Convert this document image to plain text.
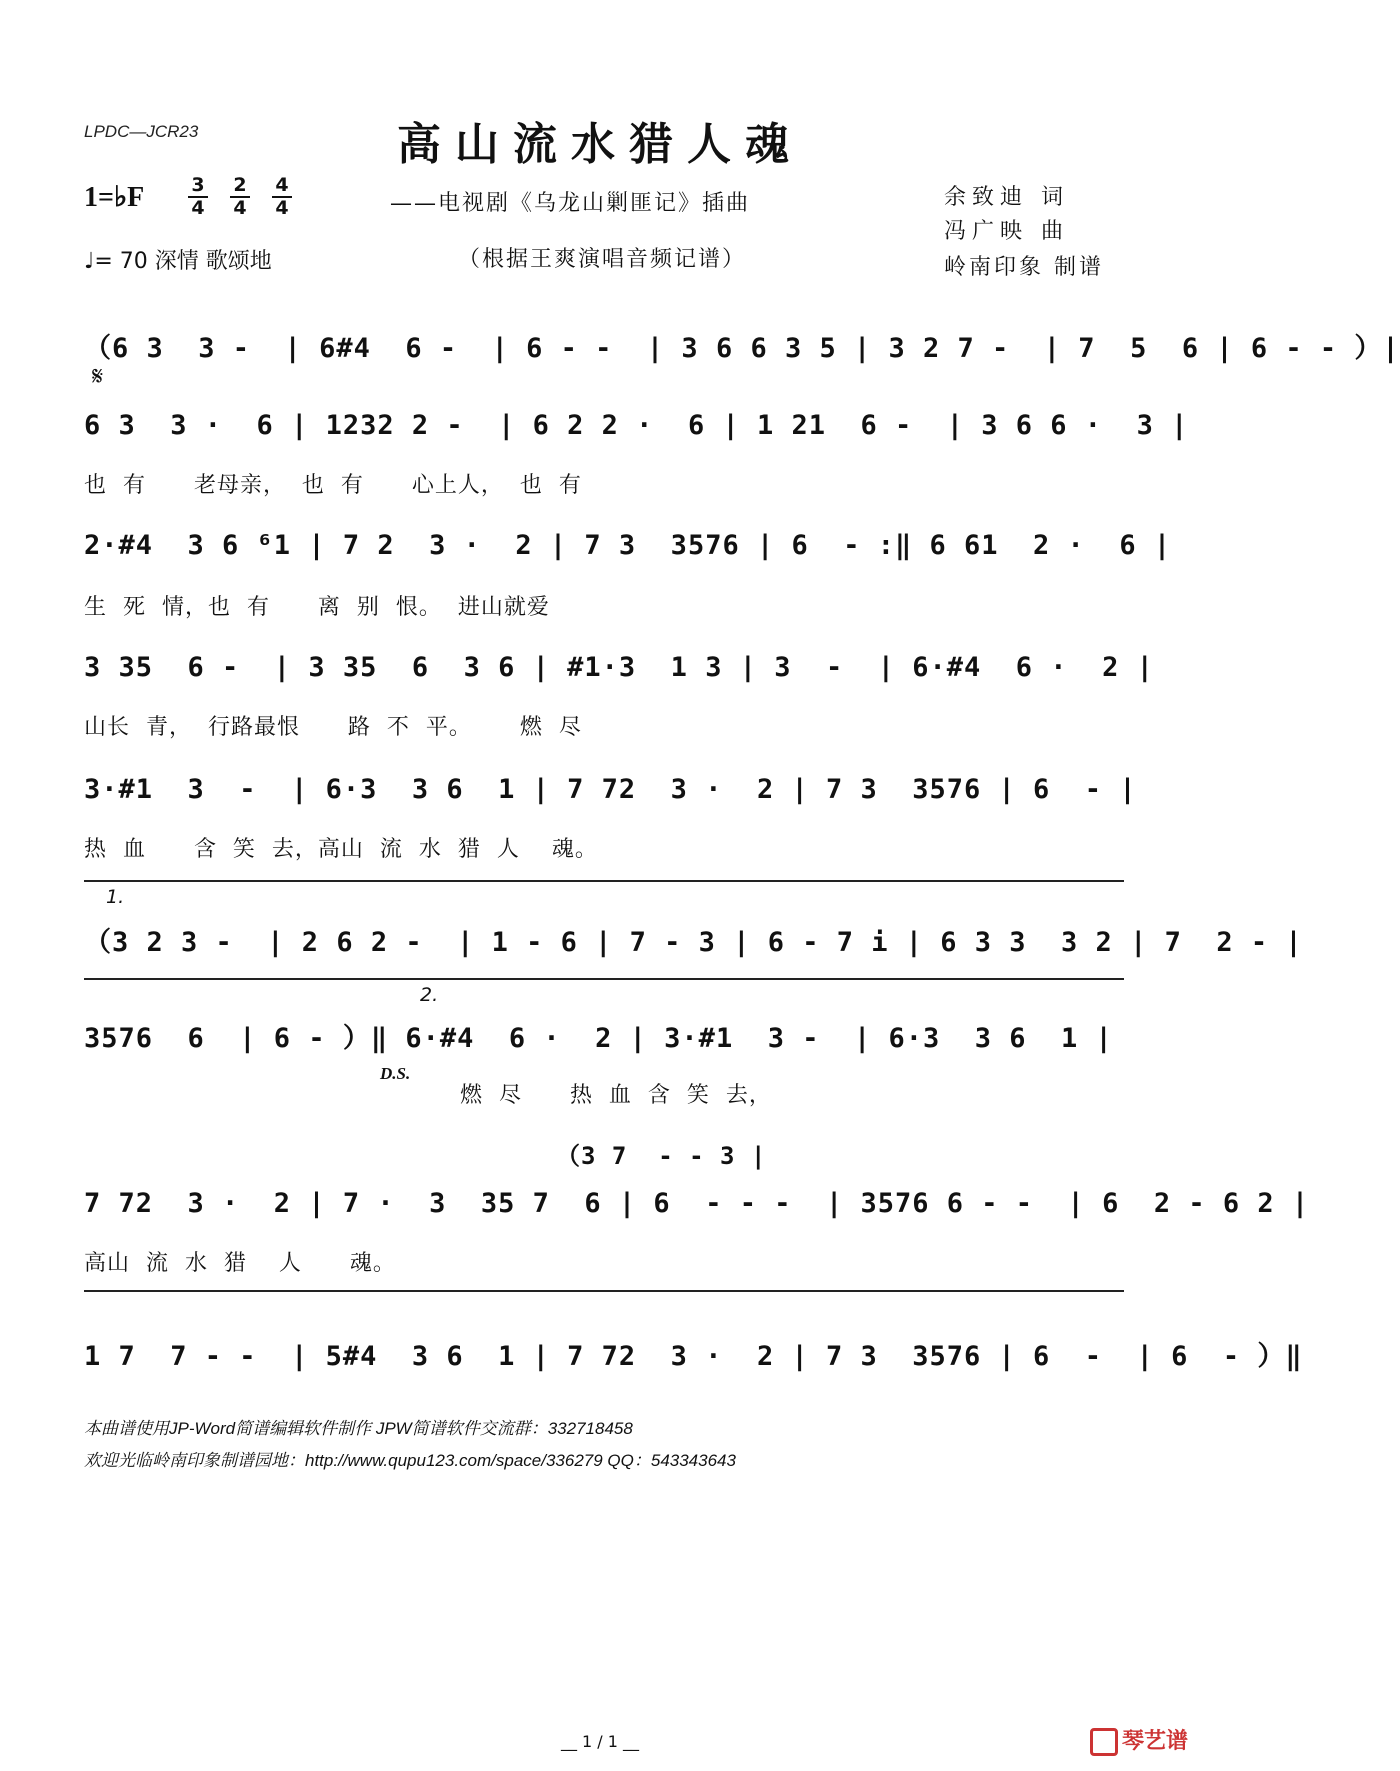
LPDC—JCR23	高山流水猎人魂
1=♭F 3
4
2
4
4
4
♩= 70 深情 歌颂地
——电视剧《乌龙山剿匪记》插曲
（根据王爽演唱音频记谱）
余致迪 词
冯广映 曲
岭南印象 制谱
（6 3  3 -  | 6#4  6 -  | 6 - -  | 3 6 6 3 5 | 3 2 7 -  | 7  5  6 | 6 - - ）|
𝄋
6 3  3 ·  6 | 1232 2 -  | 6 2 2 ·  6 | 1 21  6 -  | 3 6 6 ·  3 |
也  有      老母亲，  也  有      心上人，  也  有
2·#4  3 6 ⁶1 | 7 2  3 ·  2 | 7 3  3576 | 6  - :‖ 6 61  2 ·  6 |
生  死  情，也  有      离  别  恨。  进山就爱
3 35  6 -  | 3 35  6  3 6 | #1·3  1 3 | 3  -  | 6·#4  6 ·  2 |
山长  青，  行路最恨      路  不  平。      燃  尽
3·#1  3  -  | 6·3  3 6  1 | 7 72  3 ·  2 | 7 3  3576 | 6  - |
热  血      含  笑  去，高山  流  水  猎  人    魂。
1.
（3 2 3 -  | 2 6 2 -  | 1 - 6 | 7 - 3 | 6 - 7 i | 6 3 3  3 2 | 7  2 - |
2.
3576  6  | 6 - ）‖ 6·#4  6 ·  2 | 3·#1  3 -  | 6·3  3 6  1 |
D.S.
燃  尽      热  血  含  笑  去，
（3 7  - - 3 |
7 72  3 ·  2 | 7 ·  3  35 7  6 | 6  - - -  | 3576 6 - -  | 6  2 - 6 2 |
高山  流  水  猎    人      魂。
1 7  7 - -  | 5#4  3 6  1 | 7 72  3 ·  2 | 7 3  3576 | 6  -  | 6  - ）‖
本曲谱使用JP-Word简谱编辑软件制作 JPW简谱软件交流群：332718458
欢迎光临岭南印象制谱园地：http://www.qupu123.com/space/336279 QQ：543343643
__ 1 / 1 __	琴艺谱
